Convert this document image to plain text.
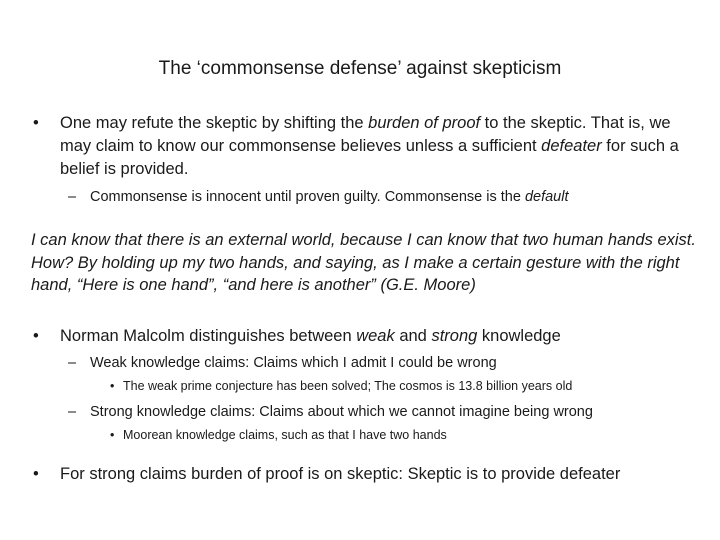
The ‘commonsense defense’ against skepticism
• One may refute the skeptic by shifting the burden of proof to the skeptic. That is, we may claim to know our commonsense believes unless a sufficient defeater for such a belief is provided.
– Commonsense is innocent until proven guilty. Commonsense is the default
I can know that there is an external world, because I can know that two human hands exist. How? By holding up my two hands, and saying, as I make a certain gesture with the right hand, “Here is one hand”, “and here is another” (G.E. Moore)
• Norman Malcolm distinguishes between weak and strong knowledge
– Weak knowledge claims: Claims which I admit I could be wrong
• The weak prime conjecture has been solved; The cosmos is 13.8 billion years old
– Strong knowledge claims: Claims about which we cannot imagine being wrong
• Moorean knowledge claims, such as that I have two hands
• For strong claims burden of proof is on skeptic: Skeptic is to provide defeater
